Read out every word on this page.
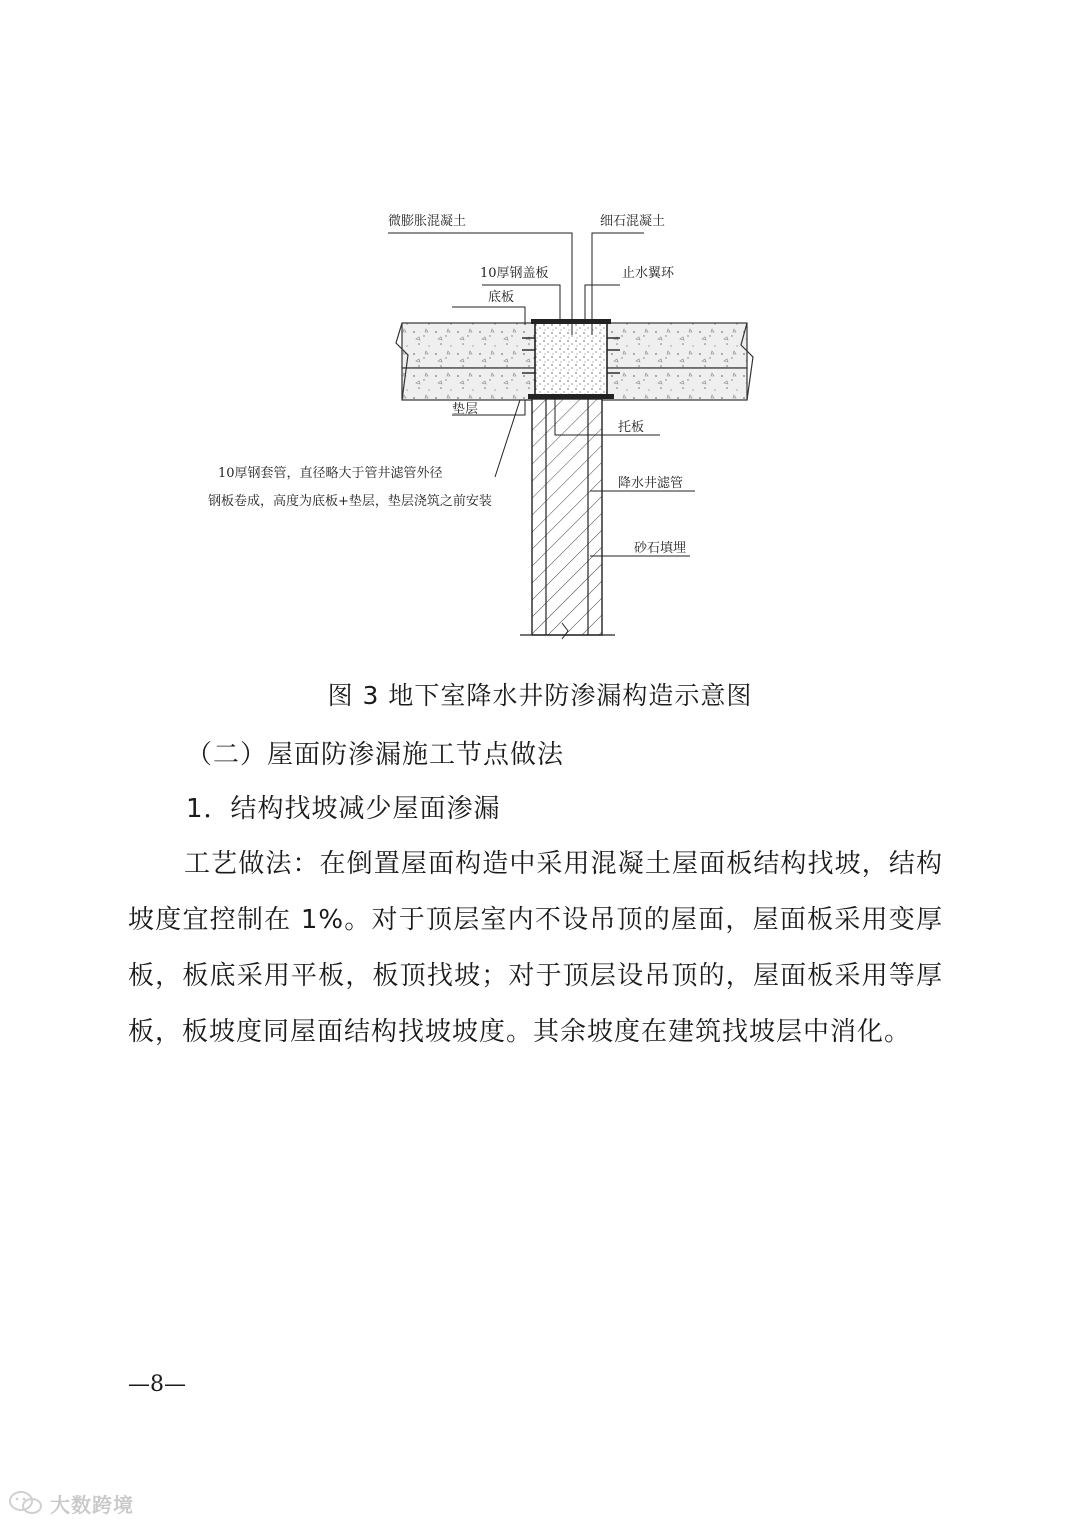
微膨胀混凝土	细石混凝土
10厚钢盖板	止水翼环
底板
垫层
托板
10厚钢套管，直径略大于管井滤管外径
钢板卷成，高度为底板+垫层，垫层浇筑之前安装
降水井滤管
砂石填埋
图 3 地下室降水井防渗漏构造示意图
（二）屋面防渗漏施工节点做法
1．结构找坡减少屋面渗漏
工艺做法：在倒置屋面构造中采用混凝土屋面板结构找坡，结构坡度宜控制在 1%。对于顶层室内不设吊顶的屋面，屋面板采用变厚板，板底采用平板，板顶找坡；对于顶层设吊顶的，屋面板采用等厚板，板坡度同屋面结构找坡坡度。其余坡度在建筑找坡层中消化。
—8—
大数跨境
